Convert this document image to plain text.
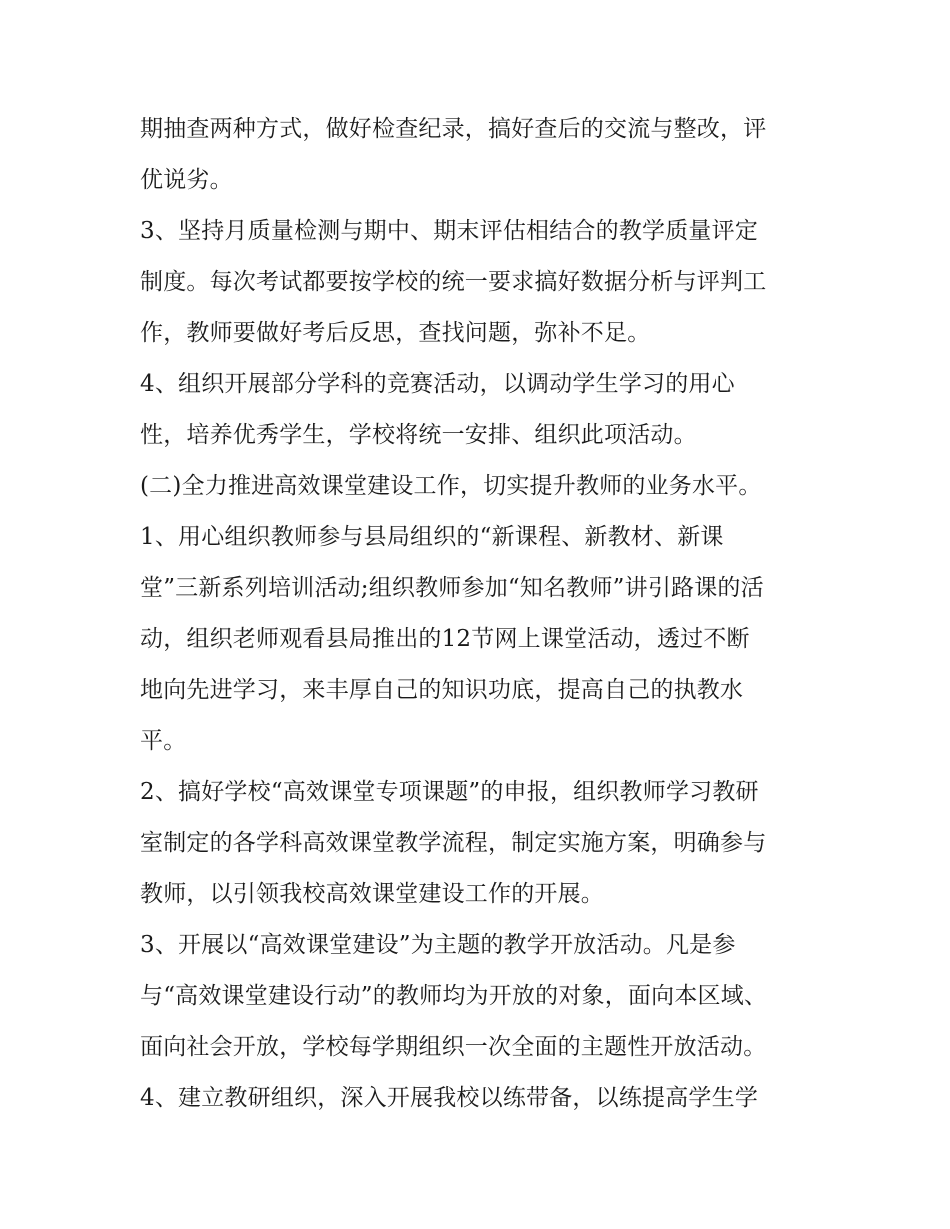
期抽查两种方式，做好检查纪录，搞好查后的交流与整改，评
优说劣。
3、坚持月质量检测与期中、期末评估相结合的教学质量评定
制度。每次考试都要按学校的统一要求搞好数据分析与评判工
作，教师要做好考后反思，查找问题，弥补不足。
4、组织开展部分学科的竞赛活动，以调动学生学习的用心
性，培养优秀学生，学校将统一安排、组织此项活动。
(二)全力推进高效课堂建设工作，切实提升教师的业务水平。
1、用心组织教师参与县局组织的“新课程、新教材、新课
堂”三新系列培训活动;组织教师参加“知名教师”讲引路课的活
动，组织老师观看县局推出的12节网上课堂活动，透过不断
地向先进学习，来丰厚自己的知识功底，提高自己的执教水
平。
2、搞好学校“高效课堂专项课题”的申报，组织教师学习教研
室制定的各学科高效课堂教学流程，制定实施方案，明确参与
教师，以引领我校高效课堂建设工作的开展。
3、开展以“高效课堂建设”为主题的教学开放活动。凡是参
与“高效课堂建设行动”的教师均为开放的对象，面向本区域、
面向社会开放，学校每学期组织一次全面的主题性开放活动。
4、建立教研组织，深入开展我校以练带备，以练提高学生学
